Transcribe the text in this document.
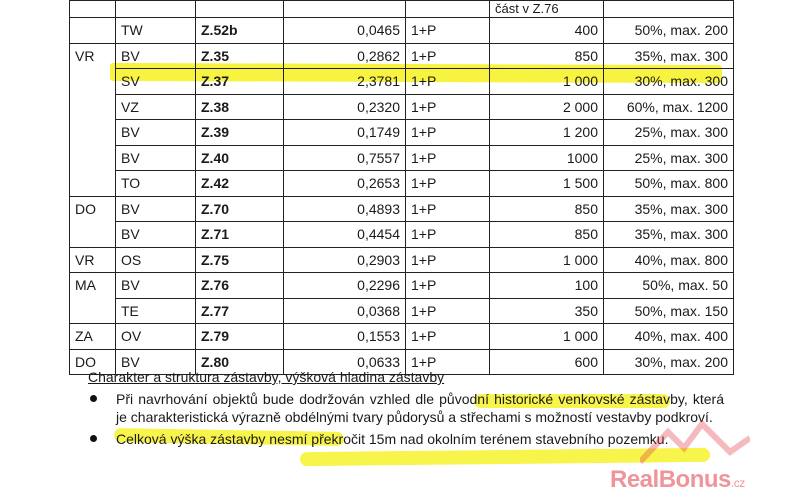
					část v Z.76	
	TW	Z.52b	0,0465	1+P	400	50%, max. 200
VR	BV	Z.35	0,2862	1+P	850	35%, max. 300
	SV	Z.37	2,3781	1+P	1 000	30%, max. 300
	VZ	Z.38	0,2320	1+P	2 000	60%, max. 1200
	BV	Z.39	0,1749	1+P	1 200	25%, max. 300
	BV	Z.40	0,7557	1+P	1000	25%, max. 300
	TO	Z.42	0,2653	1+P	1 500	50%, max. 800
DO	BV	Z.70	0,4893	1+P	850	35%, max. 300
	BV	Z.71	0,4454	1+P	850	35%, max. 300
VR	OS	Z.75	0,2903	1+P	1 000	40%, max. 800
MA	BV	Z.76	0,2296	1+P	100	50%, max. 50
	TE	Z.77	0,0368	1+P	350	50%, max. 150
ZA	OV	Z.79	0,1553	1+P	1 000	40%, max. 400
DO	BV	Z.80	0,0633	1+P	600	30%, max. 200
Charakter a struktura zástavby, výšková hladina zástavby
Při navrhování objektů bude dodržován vzhled dle původní historické venkovské zástavby, která je charakteristická výrazně obdélnými tvary půdorysů a střechami s možností vestavby podkroví.
Celková výška zástavby nesmí překročit 15m nad okolním terénem stavebního pozemku.
RealBonus.cz
